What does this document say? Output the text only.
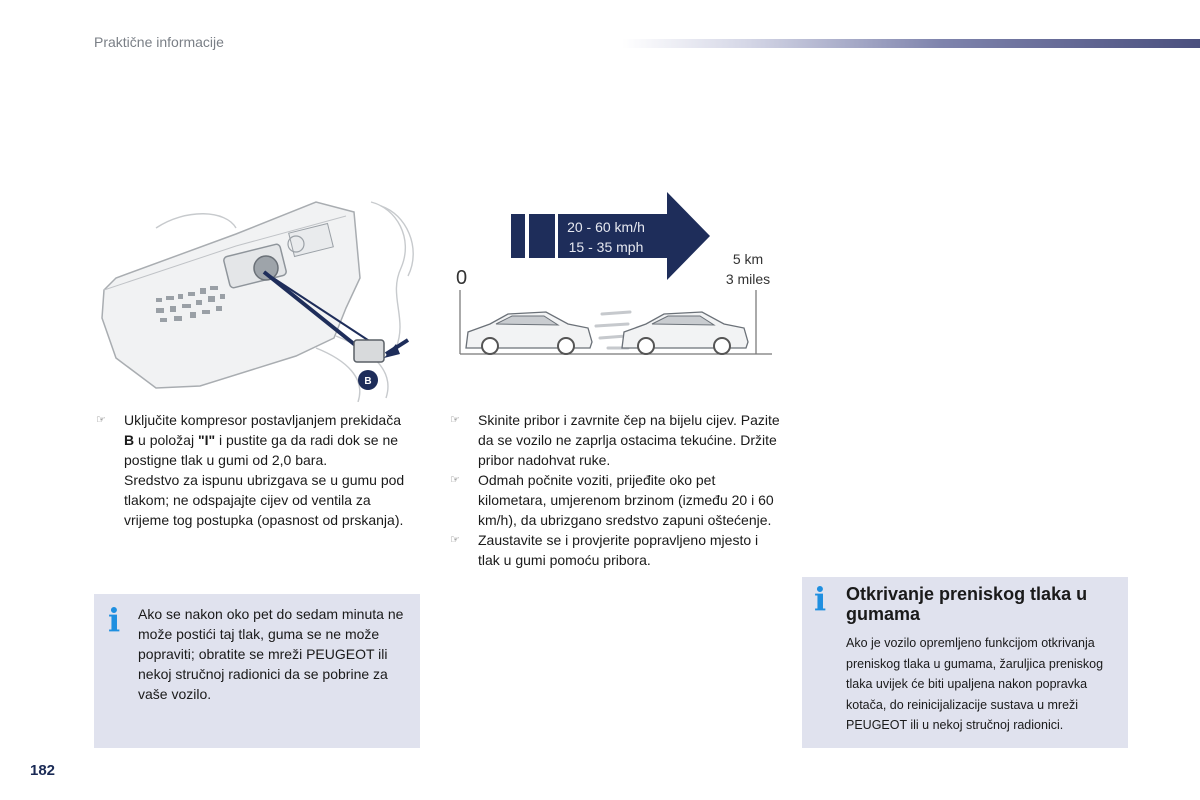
Praktične informacije
B
20 - 60 km/h
15 - 35 mph
0
5 km
3 miles

☞	Uključite kompresor postavljanjem prekidača B u položaj "I" i pustite ga da radi dok se ne postigne tlak u gumi od 2,0 bara.

Sredstvo za ispunu ubrizgava se u gumu pod tlakom; ne odspajajte cijev od ventila za vrijeme tog postupka (opasnost od prskanja).

☞	Skinite pribor i zavrnite čep na bijelu cijev. Pazite da se vozilo ne zaprlja ostacima tekućine. Držite pribor nadohvat ruke.

☞	Odmah počnite voziti, prijeđite oko pet kilometara, umjerenom brzinom (između 20 i 60 km/h), da ubrizgano sredstvo zapuni oštećenje.

☞	Zaustavite se i provjerite popravljeno mjesto i tlak u gumi pomoću pribora.

i Ako se nakon oko pet do sedam minuta ne može postići taj tlak, guma se ne može popraviti; obratite se mreži PEUGEOT ili nekoj stručnoj radionici da se pobrine za vaše vozilo.
i Otkrivanje preniskog tlaka u gumama
Ako je vozilo opremljeno funkcijom otkrivanja preniskog tlaka u gumama, žaruljica preniskog tlaka uvijek će biti upaljena nakon popravka kotača, do reinicijalizacije sustava u mreži PEUGEOT ili u nekoj stručnoj radionici.
182
